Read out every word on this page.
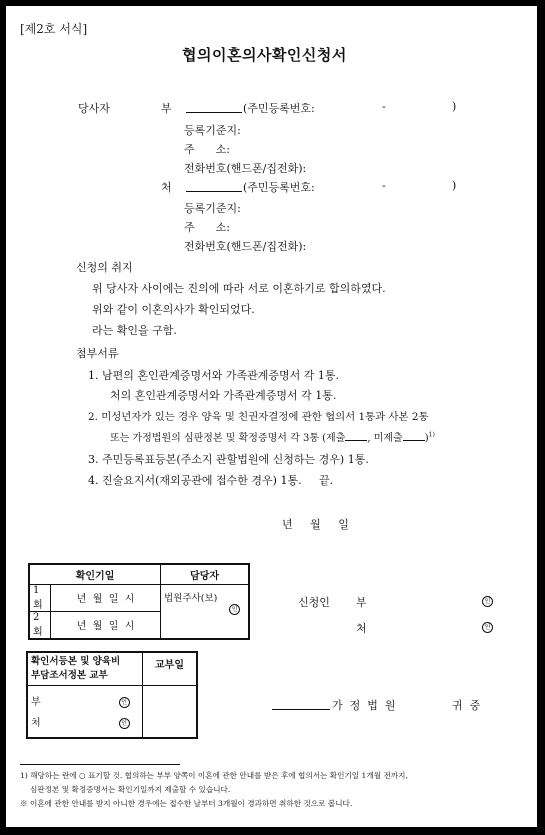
[제2호 서식]
협의이혼의사확인신청서
당사자	부	(주민등록번호:	-	)
등록기준지:
주      소:
전화번호(핸드폰/집전화):
처	(주민등록번호:	-	)
등록기준지:
주      소:
전화번호(핸드폰/집전화):
신청의 취지
위 당사자 사이에는 진의에 따라 서로 이혼하기로 합의하였다.
위와 같이 이혼의사가 확인되었다.
라는 확인을 구함.
첨부서류
1. 남편의 혼인관계증명서와 가족관계증명서 각 1통.
처의 혼인관계증명서와 가족관계증명서 각 1통.
2. 미성년자가 있는 경우 양육 및 친권자결정에 관한 협의서 1통과 사본 2통
또는 가정법원의 심판정본 및 확정증명서 각 3통 (제출 , 미제출 )$^{1)}$
3. 주민등록표등본(주소지 관할법원에 신청하는 경우) 1통.
4. 진술요지서(재외공관에 접수한 경우) 1통.     끝.
년     월     일
확인기일		담당자
1회	년  월  일  시	법원주사(보)
인
2회	년  월  일  시	
신청인 부	인
처	인
확인서등본 및 양육비
부담조서정본 교부	교부일
부 인
처 인	
가  정  법  원	귀  중
1) 해당하는 란에 ○ 표기할 것. 협의하는 부부 양쪽이 이혼에 관한 안내를 받은 후에 협의서는 확인기일 1개월 전까지,
심판정본 및 확정증명서는 확인기일까지 제출할 수 있습니다.
※ 이혼에 관한 안내를 받지 아니한 경우에는 접수한 날부터 3개월이 경과하면 취하한 것으로 봅니다.
